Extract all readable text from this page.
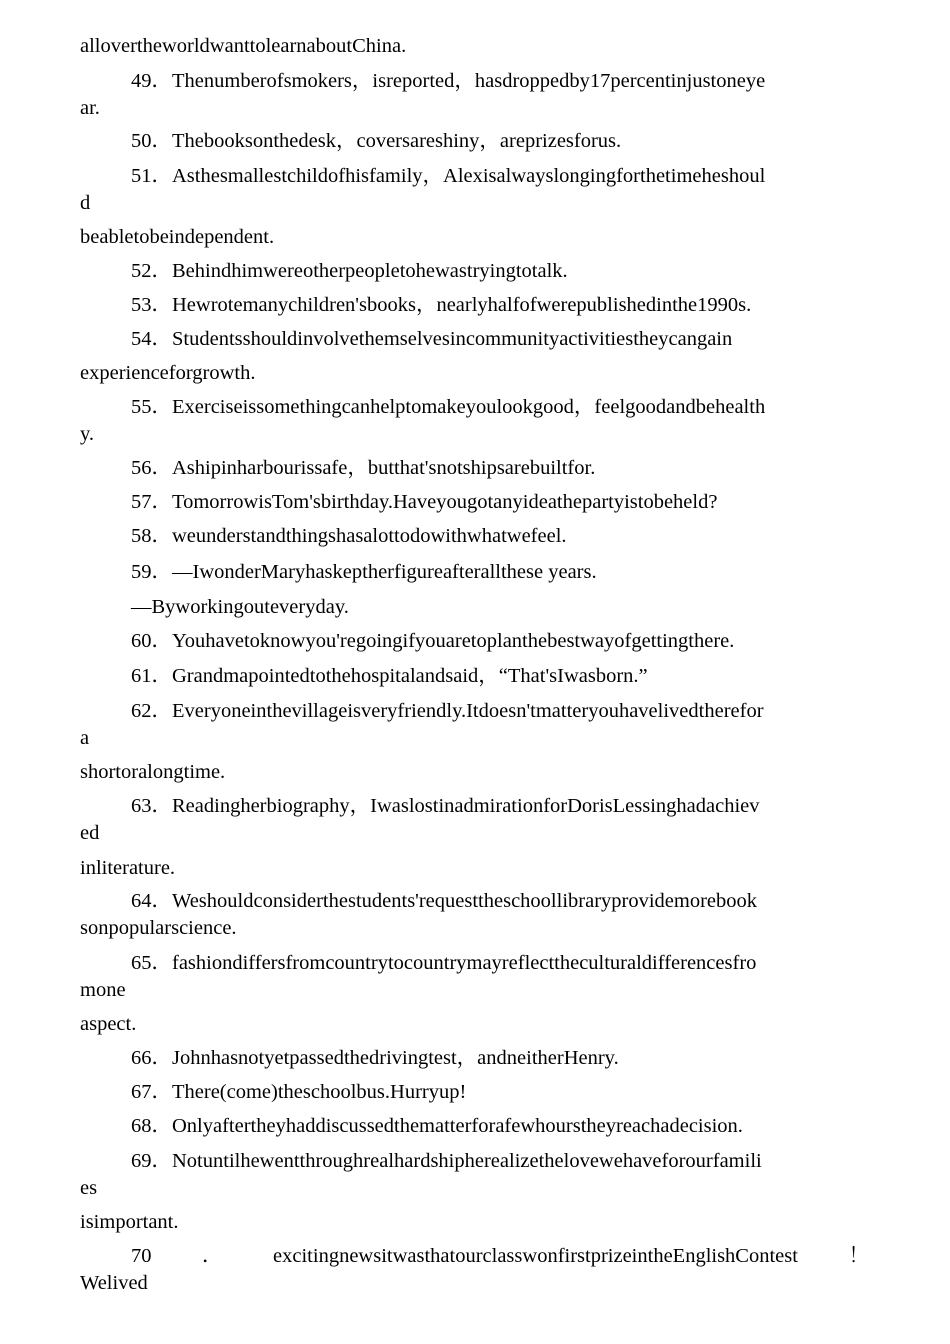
alloverthe​worldwanttolearnaboutChina.
49．Thenumberofsmokers，isreported，hasdroppedby17percentinjustoneye
ar.
50．Thebooksonthedesk，coversareshiny，areprizesforus.
51．Asthesmallestchildofhisfamily，Alexisalwayslongingforthetimeheshoul
d
beabletobeindependent.
52．Behindhimwereotherpeopletohewastryingtotalk.
53．Hewrotemanychildren'sbooks，nearlyhalfofwerepublishedinthe1990s.
54．Studentsshouldinvolvethemselvesincommunityactivitiestheycangain
experienceforgrowth.
55．Exerciseissomethingcanhelptomakeyoulookgood，feelgoodandbehealth
y.
56．Ashipinharbourissafe，butthat'snotshipsarebuiltfor.
57．TomorrowisTom'sbirthday.Haveyougotanyideathepartyistobeheld?
58．weunderstandthingshasalottodowithwhatwefeel.
59．—IwonderMaryhaskeptherfigureafterallthese years.
—Byworkingouteveryday.
60．Youhavetoknowyou'regoingifyouaretoplanthebestwayofgettingthere.
61．Grandmapointedtothehospitalandsaid，“That'sIwasborn.”
62．Everyoneinthevillageisveryfriendly.Itdoesn'tmatteryouhavelivedtherefor
a
shortoralongtime.
63．Readingherbiography，IwaslostinadmirationforDorisLessinghadachiev
ed
inliterature.
64．Weshouldconsiderthestudents'requesttheschoollibraryprovidemorebook
sonpopularscience.
65．fashiondiffersfromcountrytocountrymayreflecttheculturaldifferencesfro
mone
aspect.
66．Johnhasnotyetpassedthedrivingtest，andneitherHenry.
67．There(come)theschoolbus.Hurryup!
68．Onlyaftertheyhaddiscussedthematterforafewhourstheyreachadecision.
69．Notuntilhewentthroughrealhardshipherealizethelovewehaveforourfamili
es
isimportant.
70 ． excitingnewsitwasthatourclasswonfirstprizeintheEnglishContest ！
Welived
